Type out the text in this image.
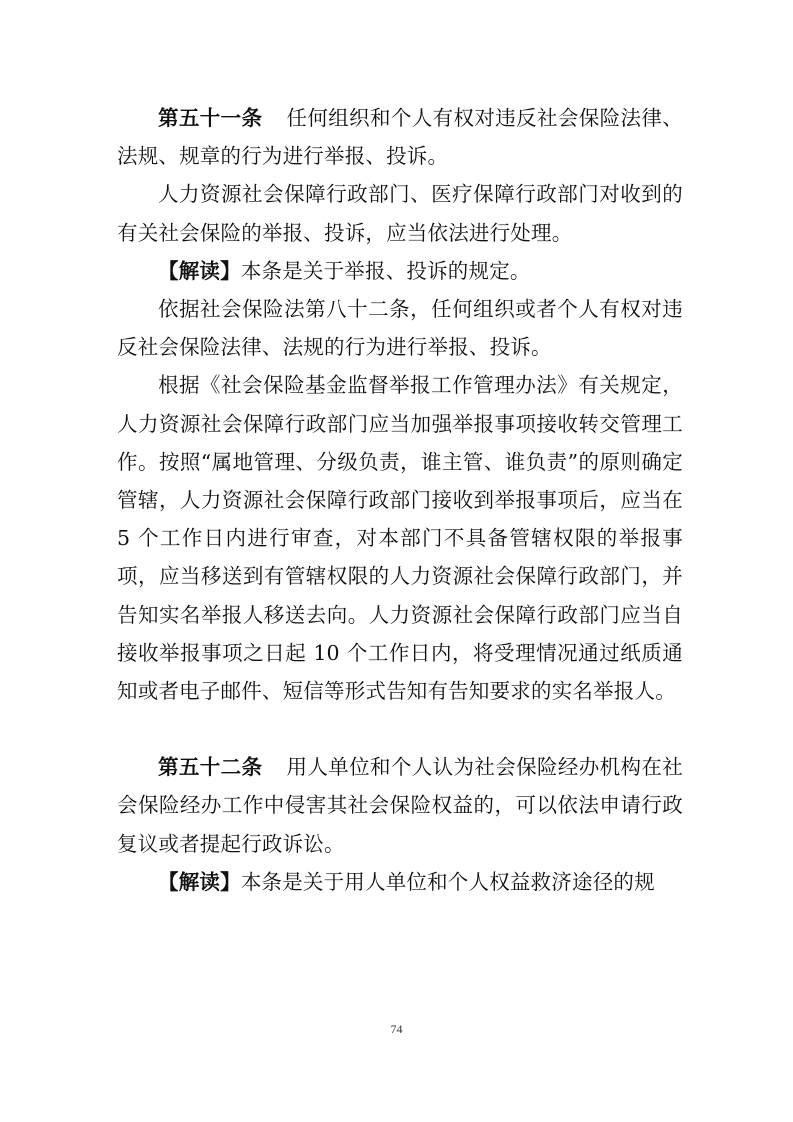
第五十一条 任何组织和个人有权对违反社会保险法律、法规、规章的行为进行举报、投诉。

人力资源社会保障行政部门、医疗保障行政部门对收到的有关社会保险的举报、投诉，应当依法进行处理。

【解读】本条是关于举报、投诉的规定。

依据社会保险法第八十二条，任何组织或者个人有权对违反社会保险法律、法规的行为进行举报、投诉。

根据《社会保险基金监督举报工作管理办法》有关规定，人力资源社会保障行政部门应当加强举报事项接收转交管理工作。按照“属地管理、分级负责，谁主管、谁负责”的原则确定管辖，人力资源社会保障行政部门接收到举报事项后，应当在 5 个工作日内进行审查，对本部门不具备管辖权限的举报事项，应当移送到有管辖权限的人力资源社会保障行政部门，并告知实名举报人移送去向。人力资源社会保障行政部门应当自接收举报事项之日起 10 个工作日内，将受理情况通过纸质通知或者电子邮件、短信等形式告知有告知要求的实名举报人。

第五十二条 用人单位和个人认为社会保险经办机构在社会保险经办工作中侵害其社会保险权益的，可以依法申请行政复议或者提起行政诉讼。

【解读】本条是关于用人单位和个人权益救济途径的规

74
